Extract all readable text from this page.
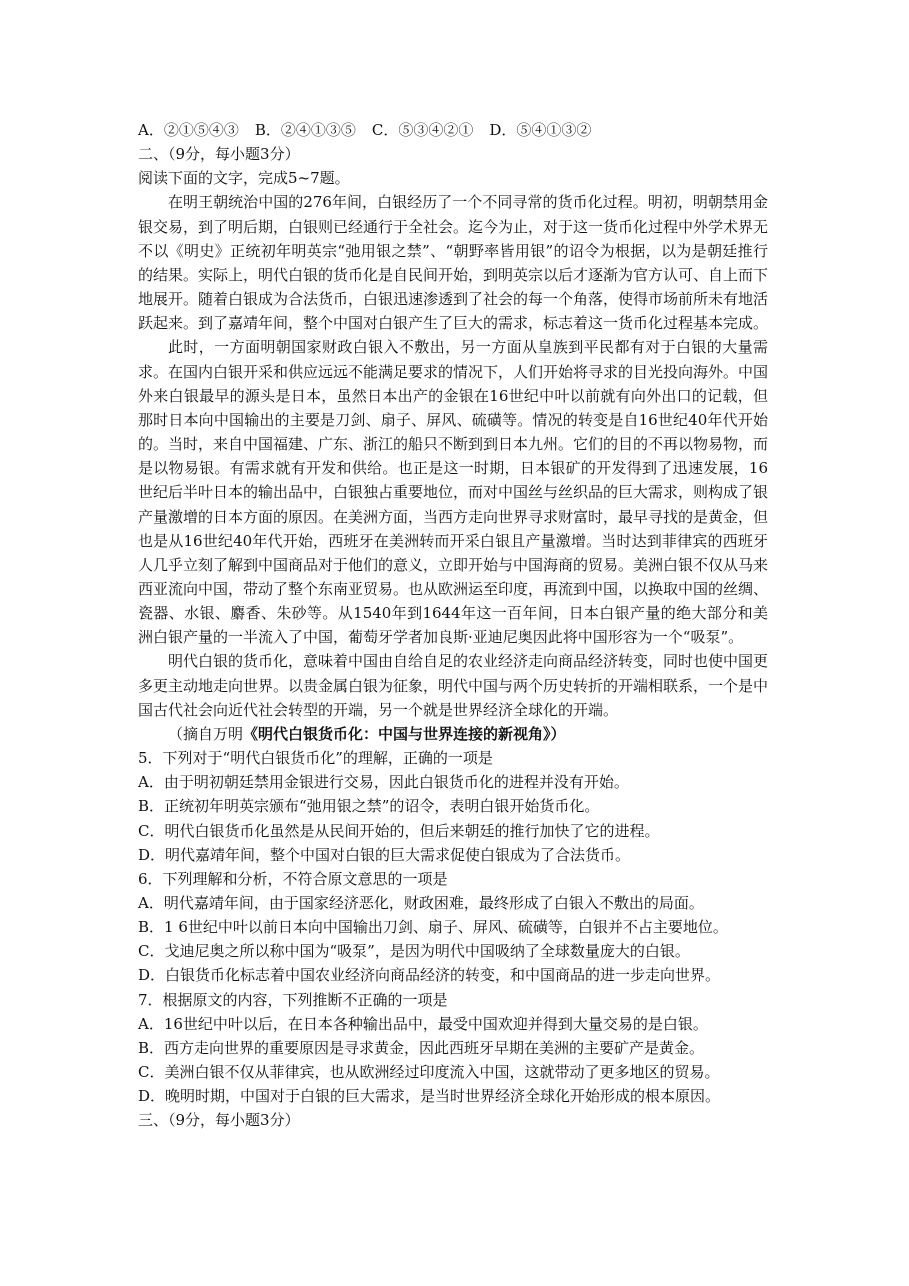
A．②①⑤④③ B．②④①③⑤ C．⑤③④②① D．⑤④①③②
二、（9分，每小题3分）
阅读下面的文字，完成5~7题。
在明王朝统治中国的276年间，白银经历了一个不同寻常的货币化过程。明初，明朝禁用金银交易，到了明后期，白银则已经通行于全社会。迄今为止，对于这一货币化过程中外学术界无不以《明史》正统初年明英宗“弛用银之禁”、“朝野率皆用银”的诏令为根据，以为是朝廷推行的结果。实际上，明代白银的货币化是自民间开始，到明英宗以后才逐渐为官方认可、自上而下地展开。随着白银成为合法货币，白银迅速渗透到了社会的每一个角落，使得市场前所未有地活跃起来。到了嘉靖年间，整个中国对白银产生了巨大的需求，标志着这一货币化过程基本完成。
此时，一方面明朝国家财政白银入不敷出，另一方面从皇族到平民都有对于白银的大量需求。在国内白银开采和供应远远不能满足要求的情况下，人们开始将寻求的目光投向海外。中国外来白银最早的源头是日本，虽然日本出产的金银在16世纪中叶以前就有向外出口的记载，但那时日本向中国输出的主要是刀剑、扇子、屏风、硫磺等。情况的转变是自16世纪40年代开始的。当时，来自中国福建、广东、浙江的船只不断到到日本九州。它们的目的不再以物易物，而是以物易银。有需求就有开发和供给。也正是这一时期，日本银矿的开发得到了迅速发展，16世纪后半叶日本的输出品中，白银独占重要地位，而对中国丝与丝织品的巨大需求，则构成了银产量激增的日本方面的原因。在美洲方面，当西方走向世界寻求财富时，最早寻找的是黄金，但也是从16世纪40年代开始，西班牙在美洲转而开采白银且产量激增。当时达到菲律宾的西班牙人几乎立刻了解到中国商品对于他们的意义，立即开始与中国海商的贸易。美洲白银不仅从马来西亚流向中国，带动了整个东南亚贸易。也从欧洲运至印度，再流到中国，以换取中国的丝绸、瓷器、水银、麝香、朱砂等。从1540年到1644年这一百年间，日本白银产量的绝大部分和美洲白银产量的一半流入了中国，葡萄牙学者加良斯·亚迪尼奥因此将中国形容为一个“吸泵”。
明代白银的货币化，意味着中国由自给自足的农业经济走向商品经济转变，同时也使中国更多更主动地走向世界。以贵金属白银为征象，明代中国与两个历史转折的开端相联系，一个是中国古代社会向近代社会转型的开端，另一个就是世界经济全球化的开端。
（摘自万明《明代白银货币化：中国与世界连接的新视角》）
5．下列对于“明代白银货币化”的理解，正确的一项是
A．由于明初朝廷禁用金银进行交易，因此白银货币化的进程并没有开始。
B．正统初年明英宗颁布“弛用银之禁”的诏令，表明白银开始货币化。
C．明代白银货币化虽然是从民间开始的，但后来朝廷的推行加快了它的进程。
D．明代嘉靖年间，整个中国对白银的巨大需求促使白银成为了合法货币。
6．下列理解和分析，不符合原文意思的一项是
A．明代嘉靖年间，由于国家经济恶化，财政困难，最终形成了白银入不敷出的局面。
B．1 6世纪中叶以前日本向中国输出刀剑、扇子、屏风、硫磺等，白银并不占主要地位。
C．戈迪尼奥之所以称中国为“吸泵”，是因为明代中国吸纳了全球数量庞大的白银。
D．白银货币化标志着中国农业经济向商品经济的转变，和中国商品的进一步走向世界。
7．根据原文的内容，下列推断不正确的一项是
A．16世纪中叶以后，在日本各种输出品中，最受中国欢迎并得到大量交易的是白银。
B．西方走向世界的重要原因是寻求黄金，因此西班牙早期在美洲的主要矿产是黄金。
C．美洲白银不仅从菲律宾，也从欧洲经过印度流入中国，这就带动了更多地区的贸易。
D．晚明时期，中国对于白银的巨大需求，是当时世界经济全球化开始形成的根本原因。
三、（9分，每小题3分）
